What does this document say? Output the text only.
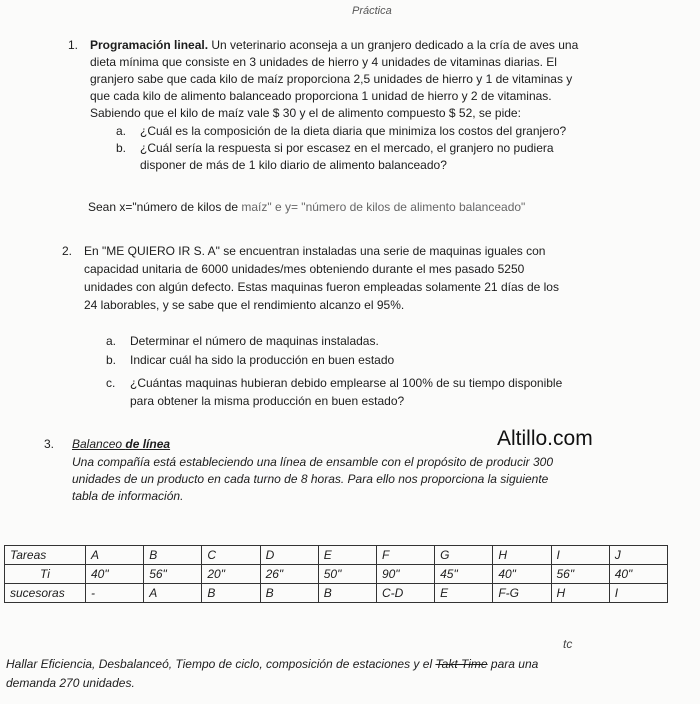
Práctica
1. Programación lineal. Un veterinario aconseja a un granjero dedicado a la cría de aves una
dieta mínima que consiste en 3 unidades de hierro y 4 unidades de vitaminas diarias. El
granjero sabe que cada kilo de maíz proporciona 2,5 unidades de hierro y 1 de vitaminas y
que cada kilo de alimento balanceado proporciona 1 unidad de hierro y 2 de vitaminas.
Sabiendo que el kilo de maíz vale $ 30 y el de alimento compuesto $ 52, se pide:
a. ¿Cuál es la composición de la dieta diaria que minimiza los costos del granjero?
b. ¿Cuál sería la respuesta si por escasez en el mercado, el granjero no pudiera
disponer de más de 1 kilo diario de alimento balanceado?
Sean x="número de kilos de maíz" e y= "número de kilos de alimento balanceado"
2. En "ME QUIERO IR S. A" se encuentran instaladas una serie de maquinas iguales con
capacidad unitaria de 6000 unidades/mes obteniendo durante el mes pasado 5250
unidades con algún defecto. Estas maquinas fueron empleadas solamente 21 días de los
24 laborables, y se sabe que el rendimiento alcanzo el 95%.
a. Determinar el número de maquinas instaladas.
b. Indicar cuál ha sido la producción en buen estado
c. ¿Cuántas maquinas hubieran debido emplearse al 100% de su tiempo disponible
para obtener la misma producción en buen estado?
Altillo.com
3. Balanceo de línea
Una compañía está estableciendo una línea de ensamble con el propósito de producir 300
unidades de un producto en cada turno de 8 horas. Para ello nos proporciona la siguiente
tabla de información.
Tareas	A	B	C	D	E	F	G	H	I	J
Ti	40"	56"	20"	26"	50"	90"	45"	40"	56"	40"
sucesoras	-	A	B	B	B	C-D	E	F-G	H	I
tc
Hallar Eficiencia, Desbalanceó, Tiempo de ciclo, composición de estaciones y el Takt Time para una
demanda 270 unidades.
